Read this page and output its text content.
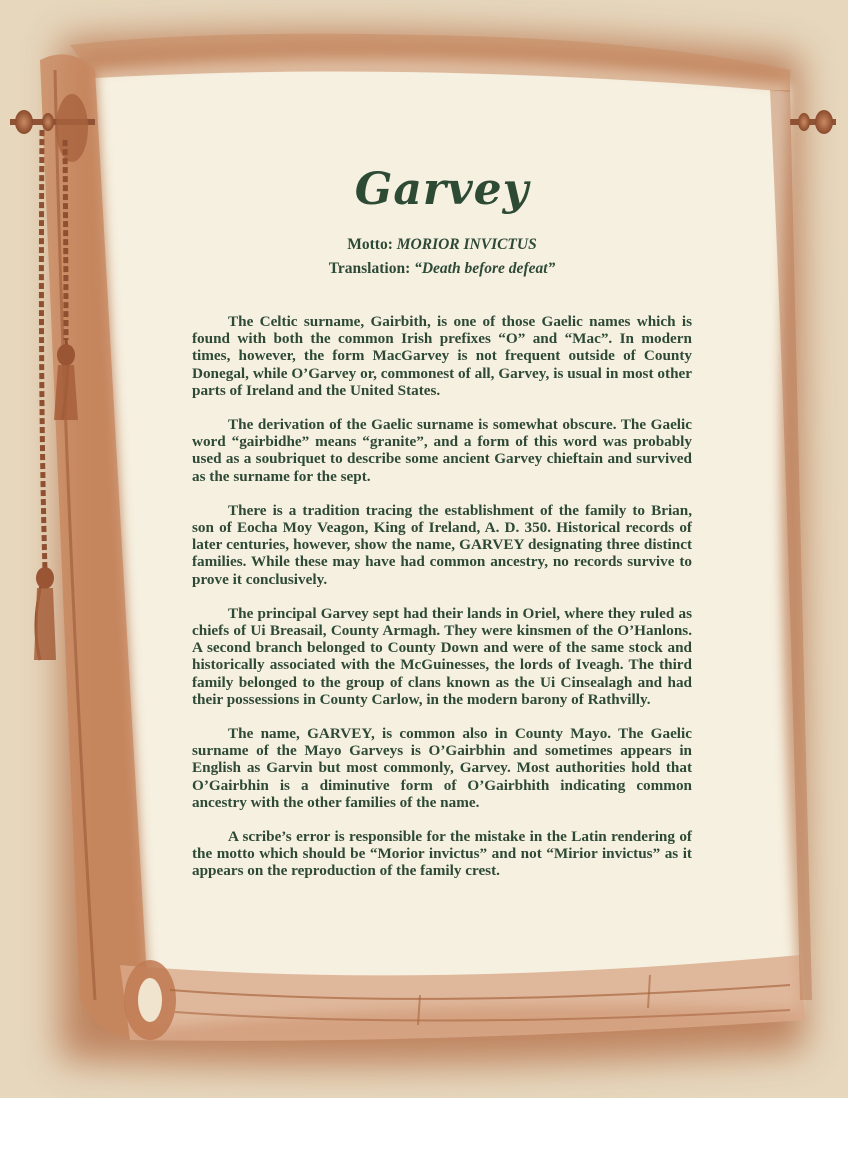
Garvey

Motto: MORIOR INVICTUS

Translation: “Death before defeat”

The Celtic surname, Gairbith, is one of those Gaelic names which is found with both the common Irish prefixes “O” and “Mac”. In modern times, however, the form MacGarvey is not frequent outside of County Donegal, while O’Garvey or, commonest of all, Garvey, is usual in most other parts of Ireland and the United States.

The derivation of the Gaelic surname is somewhat obscure. The Gaelic word “gairbidhe” means “granite”, and a form of this word was probably used as a soubriquet to describe some ancient Garvey chieftain and survived as the surname for the sept.

There is a tradition tracing the establishment of the family to Brian, son of Eocha Moy Veagon, King of Ireland, A. D. 350. Historical records of later centuries, however, show the name, GARVEY designating three distinct families. While these may have had common ancestry, no records survive to prove it conclusively.

The principal Garvey sept had their lands in Oriel, where they ruled as chiefs of Ui Breasail, County Armagh. They were kinsmen of the O’Hanlons. A second branch belonged to County Down and were of the same stock and historically associated with the McGuinesses, the lords of Iveagh. The third family belonged to the group of clans known as the Ui Cinsealagh and had their possessions in County Carlow, in the modern barony of Rathvilly.

The name, GARVEY, is common also in County Mayo. The Gaelic surname of the Mayo Garveys is O’Gairbhin and sometimes appears in English as Garvin but most commonly, Garvey. Most authorities hold that O’Gairbhin is a diminutive form of O’Gairbhith indicating common ancestry with the other families of the name.

A scribe’s error is responsible for the mistake in the Latin rendering of the motto which should be “Morior invictus” and not “Mirior invictus” as it appears on the reproduction of the family crest.
